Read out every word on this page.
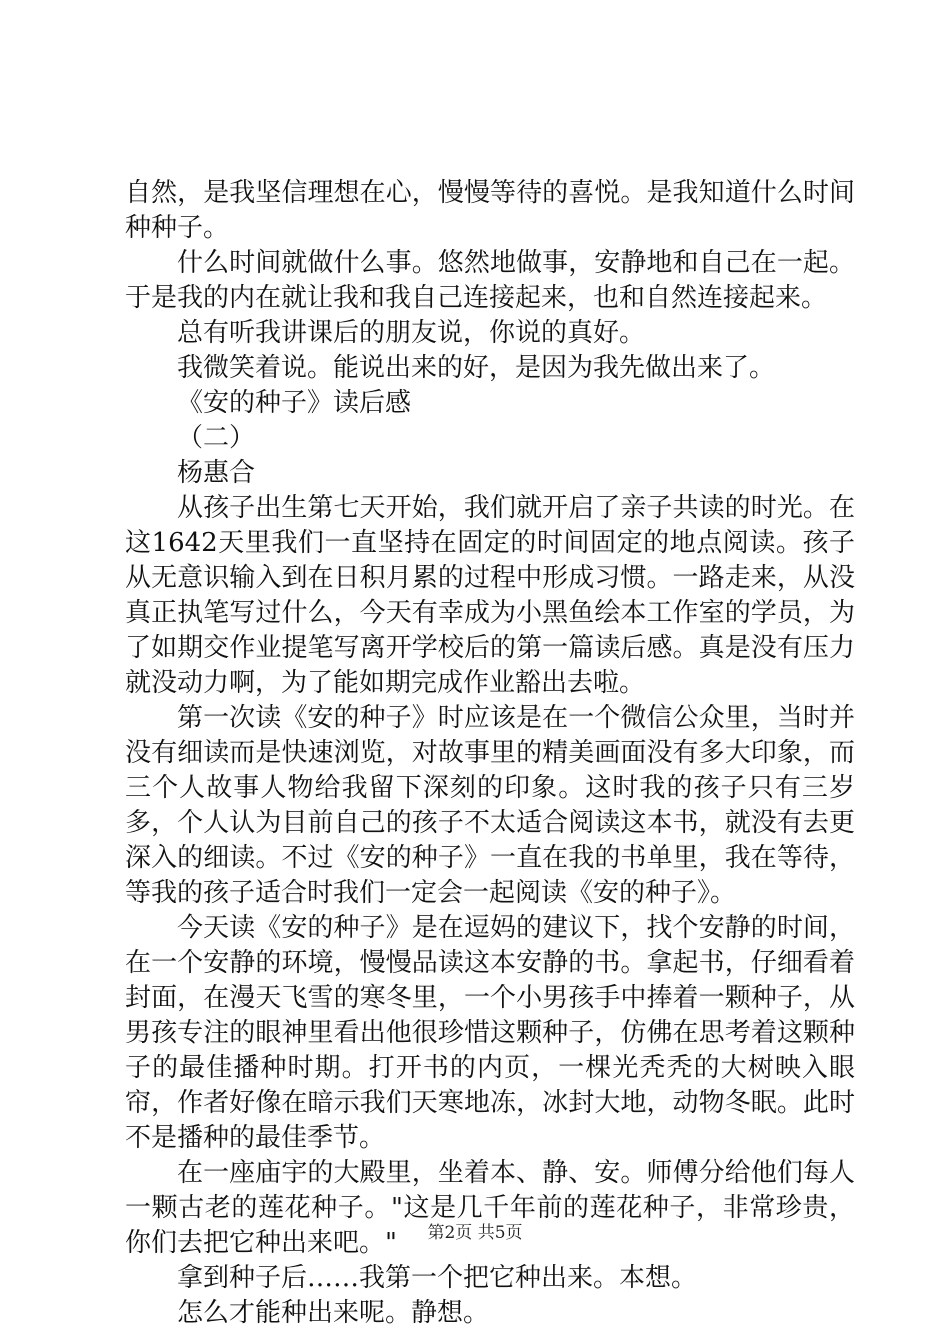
自然，是我坚信理想在心，慢慢等待的喜悦。是我知道什么时间种种子。

什么时间就做什么事。悠然地做事，安静地和自己在一起。于是我的内在就让我和我自己连接起来，也和自然连接起来。

总有听我讲课后的朋友说，你说的真好。

我微笑着说。能说出来的好，是因为我先做出来了。

《安的种子》读后感

（二）

杨惠合

从孩子出生第七天开始，我们就开启了亲子共读的时光。在这1642天里我们一直坚持在固定的时间固定的地点阅读。孩子从无意识输入到在日积月累的过程中形成习惯。一路走来，从没真正执笔写过什么，今天有幸成为小黑鱼绘本工作室的学员，为了如期交作业提笔写离开学校后的第一篇读后感。真是没有压力就没动力啊，为了能如期完成作业豁出去啦。

第一次读《安的种子》时应该是在一个微信公众里，当时并没有细读而是快速浏览，对故事里的精美画面没有多大印象，而三个人故事人物给我留下深刻的印象。这时我的孩子只有三岁多，个人认为目前自己的孩子不太适合阅读这本书，就没有去更深入的细读。不过《安的种子》一直在我的书单里，我在等待，等我的孩子适合时我们一定会一起阅读《安的种子》。

今天读《安的种子》是在逗妈的建议下，找个安静的时间，在一个安静的环境，慢慢品读这本安静的书。拿起书，仔细看着封面，在漫天飞雪的寒冬里，一个小男孩手中捧着一颗种子，从男孩专注的眼神里看出他很珍惜这颗种子，仿佛在思考着这颗种子的最佳播种时期。打开书的内页，一棵光秃秃的大树映入眼帘，作者好像在暗示我们天寒地冻，冰封大地，动物冬眠。此时不是播种的最佳季节。

在一座庙宇的大殿里，坐着本、静、安。师傅分给他们每人一颗古老的莲花种子。"这是几千年前的莲花种子，非常珍贵，你们去把它种出来吧。"

拿到种子后……我第一个把它种出来。本想。

怎么才能种出来呢。静想。

第2页 共5页
